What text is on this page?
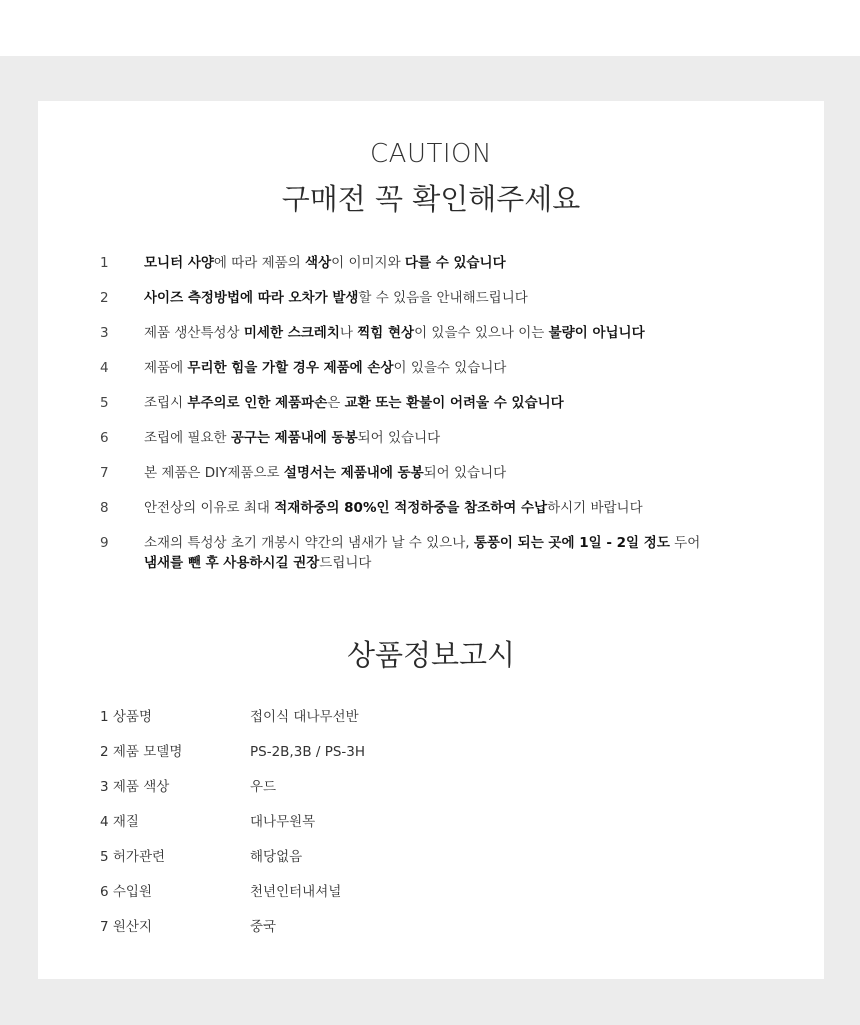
CAUTION
구매전 꼭 확인해주세요
1	모니터 사양에 따라 제품의 색상이 이미지와 다를 수 있습니다
2	사이즈 측정방법에 따라 오차가 발생할 수 있음을 안내해드립니다
3	제품 생산특성상 미세한 스크레치나 찍힘 현상이 있을수 있으나 이는 불량이 아닙니다
4	제품에 무리한 힘을 가할 경우 제품에 손상이 있을수 있습니다
5	조립시 부주의로 인한 제품파손은 교환 또는 환불이 어려울 수 있습니다
6	조립에 필요한 공구는 제품내에 동봉되어 있습니다
7	본 제품은 DIY제품으로 설명서는 제품내에 동봉되어 있습니다
8	안전상의 이유로 최대 적재하중의 80%인 적정하중을 참조하여 수납하시기 바랍니다
9	소재의 특성상 초기 개봉시 약간의 냄새가 날 수 있으나, 통풍이 되는 곳에 1일 - 2일 정도 두어
냄새를 뺀 후 사용하시길 권장드립니다
상품정보고시
1 상품명	접이식 대나무선반
2 제품 모델명	PS-2B,3B / PS-3H
3 제품 색상	우드
4 재질	대나무원목
5 허가관련	해당없음
6 수입원	천년인터내셔널
7 원산지	중국
